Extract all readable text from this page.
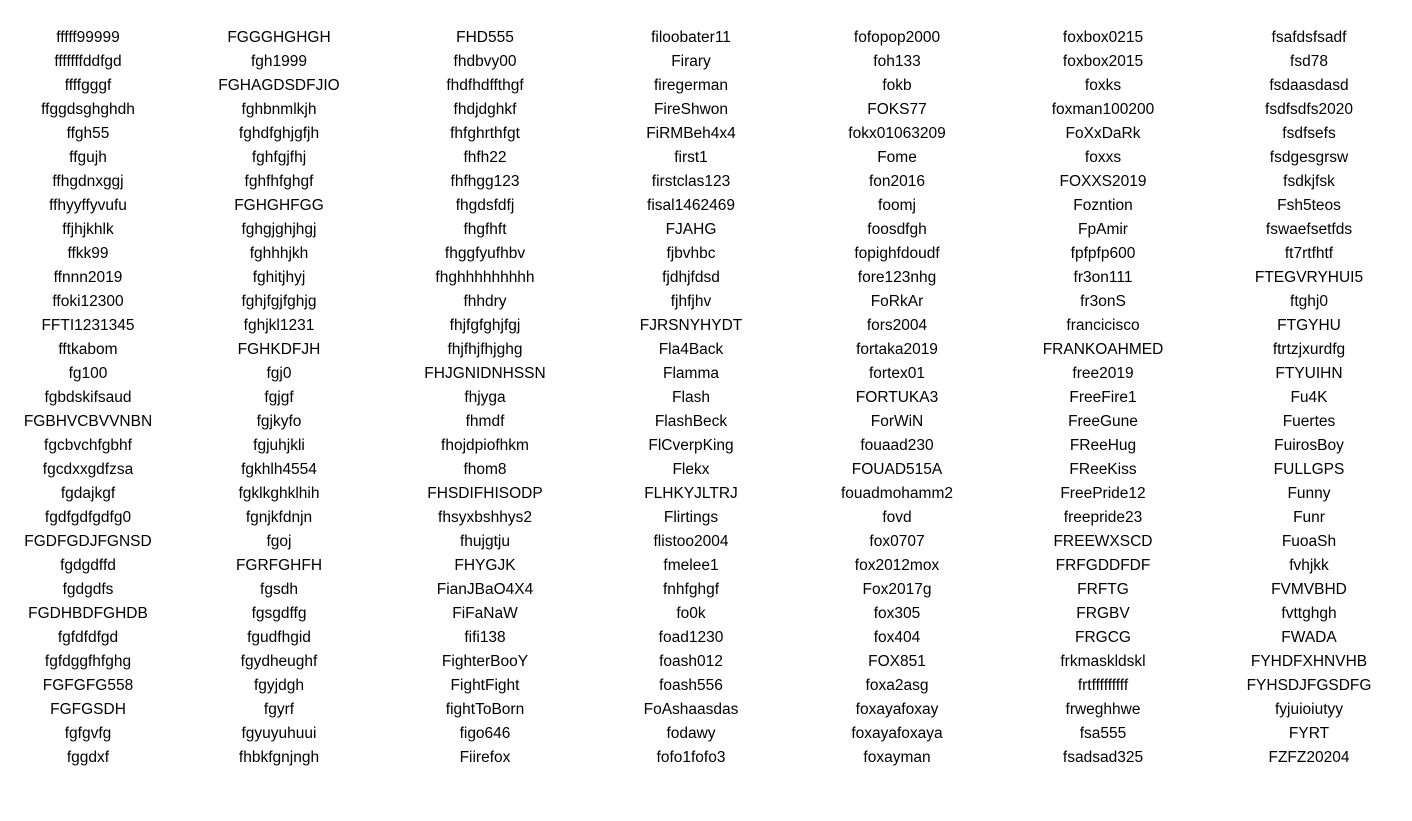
fffff99999	FGGGHGHGH	FHD555	filoobater11	fofopop2000	foxbox0215	fsafdsfsadf
fffffffddfgd	fgh1999	fhdbvy00	Firary	foh133	foxbox2015	fsd78
ffffgggf	FGHAGDSDFJIO	fhdfhdffthgf	firegerman	fokb	foxks	fsdaasdasd
ffggdsghghdh	fghbnmlkjh	fhdjdghkf	FireShwon	FOKS77	foxman100200	fsdfsdfs2020
ffgh55	fghdfghjgfjh	fhfghrthfgt	FiRMBeh4x4	fokx01063209	FoXxDaRk	fsdfsefs
ffgujh	fghfgjfhj	fhfh22	first1	Fome	foxxs	fsdgesgrsw
ffhgdnxggj	fghfhfghgf	fhfhgg123	firstclas123	fon2016	FOXXS2019	fsdkjfsk
ffhyyffyvufu	FGHGHFGG	fhgdsfdfj	fisal1462469	foomj	Fozntion	Fsh5teos
ffjhjkhlk	fghgjghjhgj	fhgfhft	FJAHG	foosdfgh	FpAmir	fswaefsetfds
ffkk99	fghhhjkh	fhggfyufhbv	fjbvhbc	fopighfdoudf	fpfpfp600	ft7rtfhtf
ffnnn2019	fghitjhyj	fhghhhhhhhhh	fjdhjfdsd	fore123nhg	fr3on111	FTEGVRYHUI5
ffoki12300	fghjfgjfghjg	fhhdry	fjhfjhv	FoRkAr	fr3onS	ftghj0
FFTI1231345	fghjkl1231	fhjfgfghjfgj	FJRSNYHYDT	fors2004	francicisco	FTGYHU
fftkabom	FGHKDFJH	fhjfhjfhjghg	Fla4Back	fortaka2019	FRANKOAHMED	ftrtzjxurdfg
fg100	fgj0	FHJGNIDNHSSN	Flamma	fortex01	free2019	FTYUIHN
fgbdskifsaud	fgjgf	fhjyga	Flash	FORTUKA3	FreeFire1	Fu4K
FGBHVCBVVNBN	fgjkyfo	fhmdf	FlashBeck	ForWiN	FreeGune	Fuertes
fgcbvchfgbhf	fgjuhjkli	fhojdpiofhkm	FlCverpKing	fouaad230	FReeHug	FuirosBoy
fgcdxxgdfzsa	fgkhlh4554	fhom8	Flekx	FOUAD515A	FReeKiss	FULLGPS
fgdajkgf	fgklkghklhih	FHSDIFHISODP	FLHKYJLTRJ	fouadmohamm2	FreePride12	Funny
fgdfgdfgdfg0	fgnjkfdnjn	fhsyxbshhys2	Flirtings	fovd	freepride23	Funr
FGDFGDJFGNSD	fgoj	fhujgtju	flistoo2004	fox0707	FREEWXSCD	FuoaSh
fgdgdffd	FGRFGHFH	FHYGJK	fmelee1	fox2012mox	FRFGDDFDF	fvhjkk
fgdgdfs	fgsdh	FianJBaO4X4	fnhfghgf	Fox2017g	FRFTG	FVMVBHD
FGDHBDFGHDB	fgsgdffg	FiFaNaW	fo0k	fox305	FRGBV	fvttghgh
fgfdfdfgd	fgudfhgid	fifi138	foad1230	fox404	FRGCG	FWADA
fgfdggfhfghg	fgydheughf	FighterBooY	foash012	FOX851	frkmaskldskl	FYHDFXHNVHB
FGFGFG558	fgyjdgh	FightFight	foash556	foxa2asg	frtfffffffff	FYHSDJFGSDFG
FGFGSDH	fgyrf	fightToBorn	FoAshaasdas	foxayafoxay	frweghhwe	fyjuioiutyy
fgfgvfg	fgyuyuhuui	figo646	fodawy	foxayafoxaya	fsa555	FYRT
fggdxf	fhbkfgnjngh	Fiirefox	fofo1fofo3	foxayman	fsadsad325	FZFZ20204
